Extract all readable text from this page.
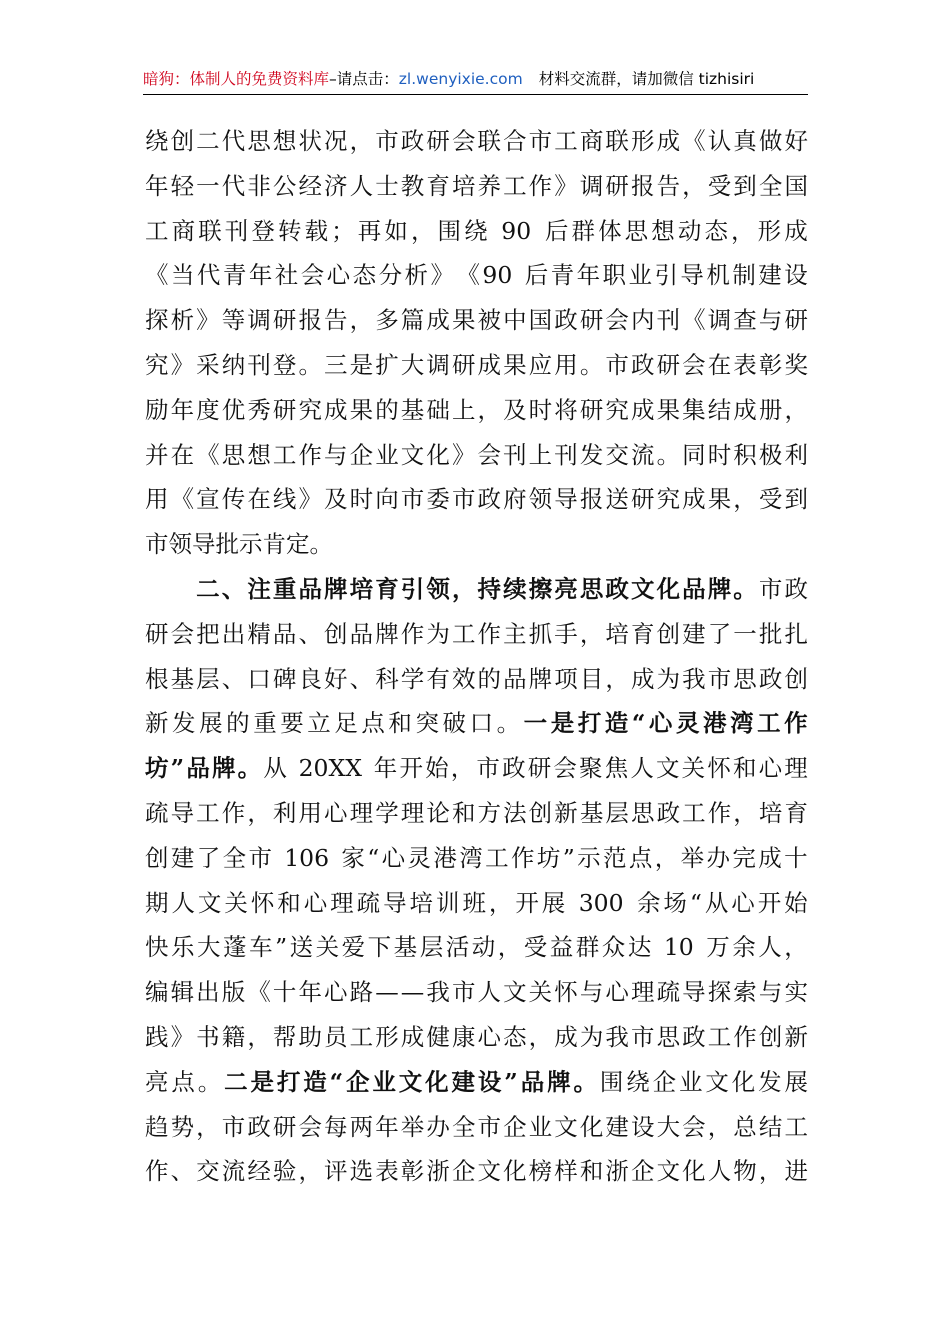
暗狗：体制人的免费资料库–请点击：zl.wenyixie.com 材料交流群，请加微信 tizhisiri
绕 创 二 代 思 想 状 况 ， 市 政 研 会 联 合 市 工 商 联 形 成 《 认 真 做 好
年 轻 一 代 非 公 经 济 人 士 教 育 培 养 工 作 》 调 研 报 告 ， 受 到 全 国
工 商 联 刊 登 转 载 ； 再 如 ， 围 绕
90
后 群 体 思 想 动 态 ， 形 成
《 当 代 青 年 社 会 心 态 分 析 》 《 90
后 青 年 职 业 引 导 机 制 建 设
探 析 》 等 调 研 报 告 ， 多 篇 成 果 被 中 国 政 研 会 内 刊 《 调 查 与 研
究 》 采 纳 刊 登 。 三 是 扩 大 调 研 成 果 应 用 。 市 政 研 会 在 表 彰 奖
励 年 度 优 秀 研 究 成 果 的 基 础 上 ， 及 时 将 研 究 成 果 集 结 成 册 ，
并 在 《 思 想 工 作 与 企 业 文 化 》 会 刊 上 刊 发 交 流 。 同 时 积 极 利
用 《 宣 传 在 线 》 及 时 向 市 委 市 政 府 领 导 报 送 研 究 成 果 ， 受 到
市 领 导 批 示 肯 定 。

二 、 注 重 品 牌 培 育 引 领 ， 持 续 擦 亮 思 政 文 化 品 牌 。 市 政
研 会 把 出 精 品 、 创 品 牌 作 为 工 作 主 抓 手 ， 培 育 创 建 了 一 批 扎
根 基 层 、 口 碑 良 好 、 科 学 有 效 的 品 牌 项 目 ， 成 为 我 市 思 政 创
新 发 展 的 重 要 立 足 点 和 突 破 口 。 一 是 打 造 “ 心 灵 港 湾 工 作
坊 ” 品 牌 。 从
20XX
年 开 始 ， 市 政 研 会 聚 焦 人 文 关 怀 和 心 理
疏 导 工 作 ， 利 用 心 理 学 理 论 和 方 法 创 新 基 层 思 政 工 作 ， 培 育
创 建 了 全 市
106
家 “ 心 灵 港 湾 工 作 坊 ” 示 范 点 ， 举 办 完 成 十
期 人 文 关 怀 和 心 理 疏 导 培 训 班 ， 开 展
300
余 场 “ 从 心 开 始
快 乐 大 蓬 车 ” 送 关 爱 下 基 层 活 动 ， 受 益 群 众 达
10
万 余 人 ，
编 辑 出 版 《 十 年 心 路 — — 我 市 人 文 关 怀 与 心 理 疏 导 探 索 与 实
践 》 书 籍 ， 帮 助 员 工 形 成 健 康 心 态 ， 成 为 我 市 思 政 工 作 创 新
亮 点 。 二 是 打 造 “ 企 业 文 化 建 设 ” 品 牌 。 围 绕 企 业 文 化 发 展
趋 势 ， 市 政 研 会 每 两 年 举 办 全 市 企 业 文 化 建 设 大 会 ， 总 结 工
作 、 交 流 经 验 ， 评 选 表 彰 浙 企 文 化 榜 样 和 浙 企 文 化 人 物 ， 进
